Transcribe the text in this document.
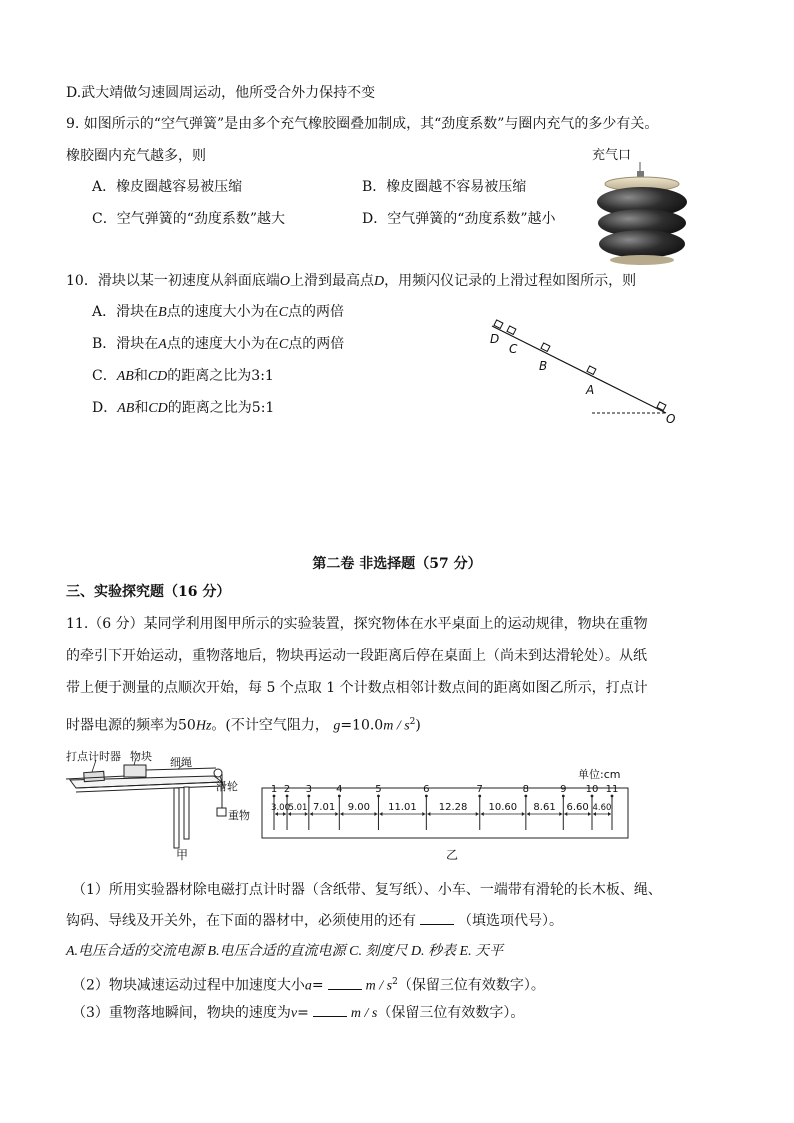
D.武大靖做匀速圆周运动，他所受合外力保持不变
9. 如图所示的“空气弹簧”是由多个充气橡胶圈叠加制成，其“劲度系数”与圈内充气的多少有关。
橡胶圈内充气越多，则
A．橡皮圈越容易被压缩	B．橡皮圈越不容易被压缩
C．空气弹簧的“劲度系数”越大	D．空气弹簧的“劲度系数”越小
充气口
10．滑块以某一初速度从斜面底端O上滑到最高点D，用频闪仪记录的上滑过程如图所示，则
A．滑块在B点的速度大小为在C点的两倍
B．滑块在A点的速度大小为在C点的两倍
C．AB和CD的距离之比为3:1
D．AB和CD的距离之比为5:1
D
C
B
A
O
第二卷 非选择题（57 分）
三、实验探究题（16 分）
11.（6 分）某同学利用图甲所示的实验装置，探究物体在水平桌面上的运动规律，物块在重物
的牵引下开始运动，重物落地后，物块再运动一段距离后停在桌面上（尚未到达滑轮处）。从纸
带上便于测量的点顺次开始，每 5 个点取 1 个计数点相邻计数点间的距离如图乙所示，打点计
时器电源的频率为50Hz。(不计空气阻力， $g=10.0m / s^2$)
打点计时器 物块 细绳
滑轮
重物
甲
单位:cm
1 2 3 4	5	6	7	8	9 10 11
3.00
5.01 7.01 9.00 11.01 12.28 10.60 8.61 6.60 4.60
乙
（1）所用实验器材除电磁打点计时器（含纸带、复写纸）、小车、一端带有滑轮的长木板、绳、
钩码、导线及开关外，在下面的器材中，必须使用的还有	（填选项代号）。
A.电压合适的交流电源 B.电压合适的直流电源 C. 刻度尺 D. 秒表 E. 天平
（2）物块减速运动过程中加速度大小a=	m / $s^2$（保留三位有效数字）。
（3）重物落地瞬间，物块的速度为v=	m / s（保留三位有效数字）。
